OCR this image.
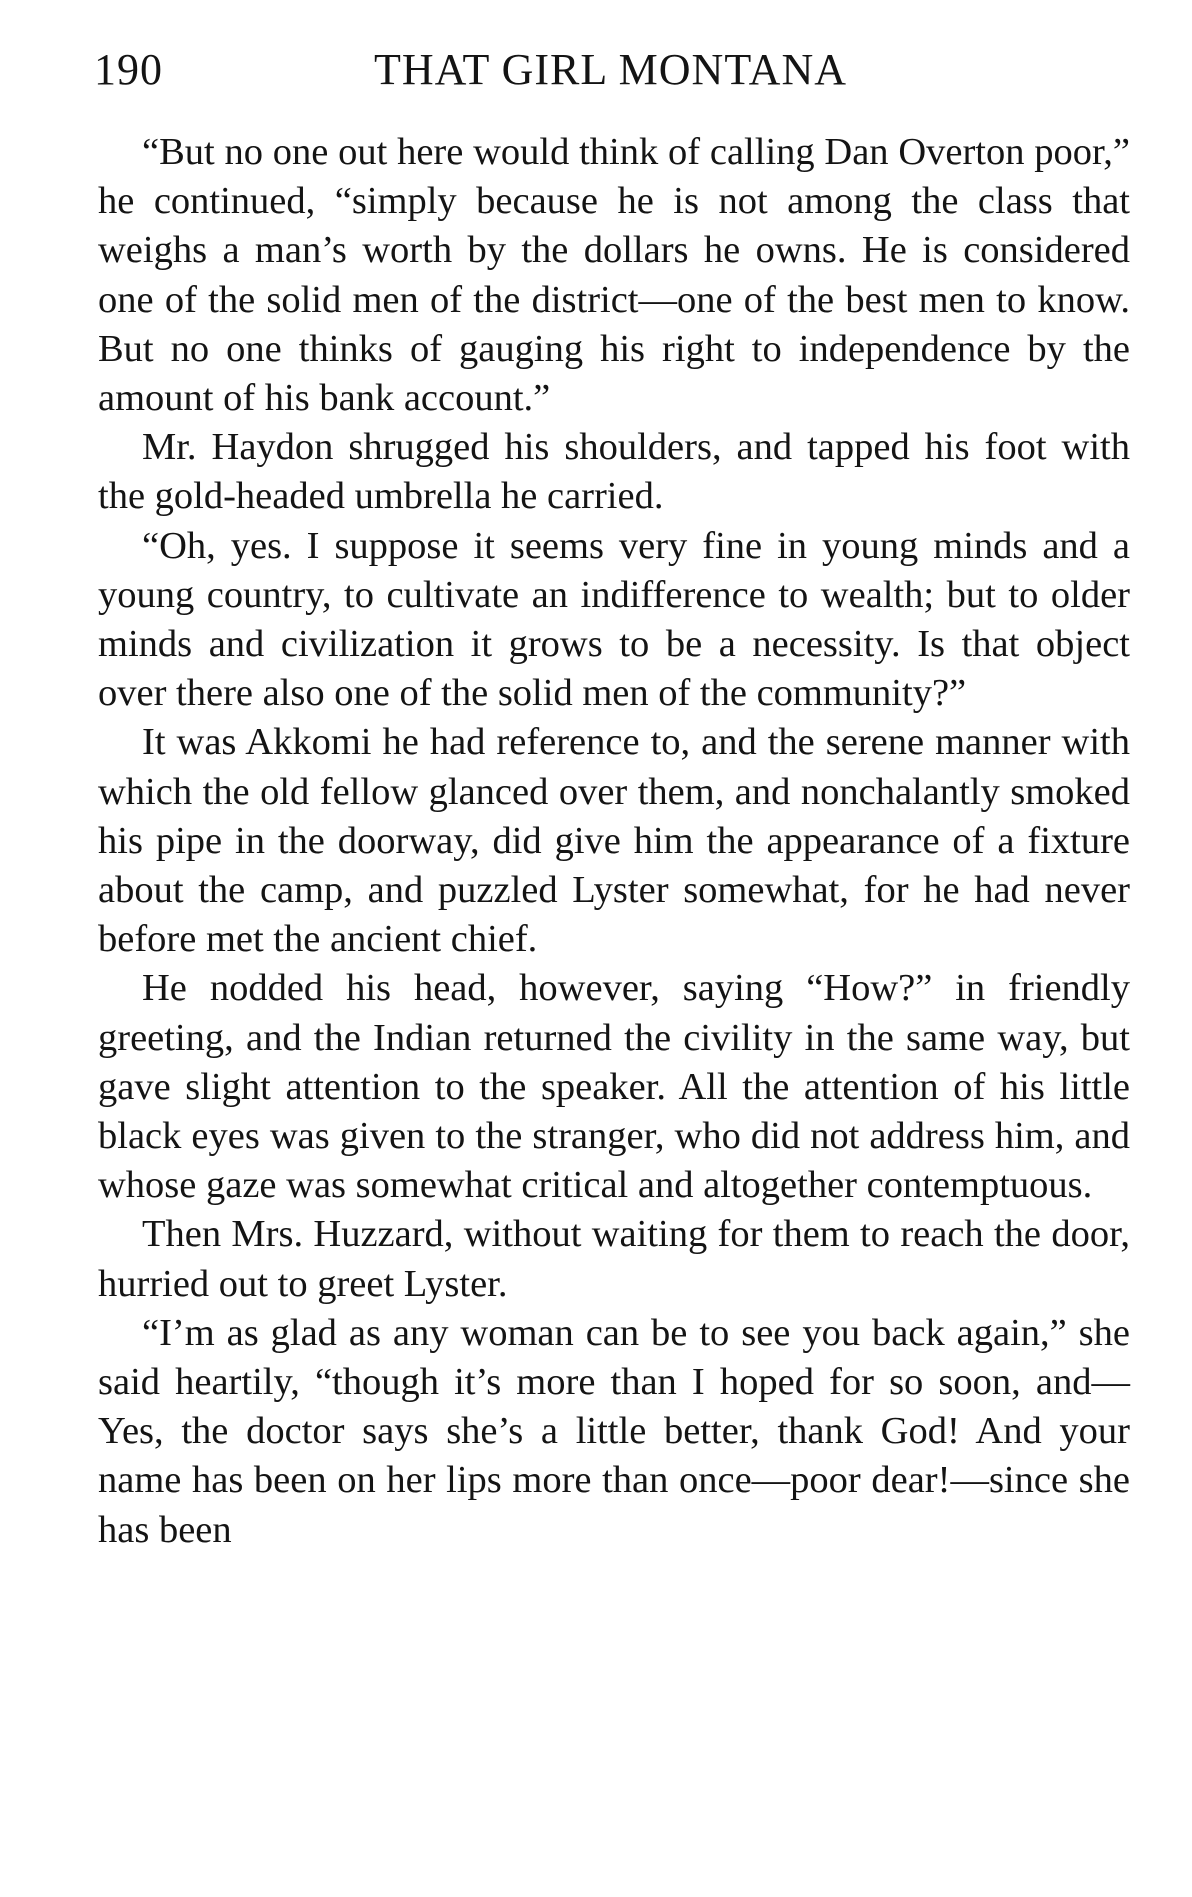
190	THAT GIRL MONTANA

“But no one out here would think of calling Dan Overton poor,” he continued, “simply because he is not among the class that weighs a man’s worth by the dollars he owns. He is considered one of the solid men of the district—one of the best men to know. But no one thinks of gauging his right to independence by the amount of his bank account.”

Mr. Haydon shrugged his shoulders, and tapped his foot with the gold-headed umbrella he carried.

“Oh, yes. I suppose it seems very fine in young minds and a young country, to cultivate an indifference to wealth; but to older minds and civilization it grows to be a necessity. Is that object over there also one of the solid men of the community?”

It was Akkomi he had reference to, and the serene manner with which the old fellow glanced over them, and nonchalantly smoked his pipe in the doorway, did give him the appearance of a fixture about the camp, and puzzled Lyster somewhat, for he had never before met the ancient chief.

He nodded his head, however, saying “How?” in friendly greeting, and the Indian returned the civility in the same way, but gave slight attention to the speaker. All the attention of his little black eyes was given to the stranger, who did not address him, and whose gaze was somewhat critical and altogether contemptuous.

Then Mrs. Huzzard, without waiting for them to reach the door, hurried out to greet Lyster.

“I’m as glad as any woman can be to see you back again,” she said heartily, “though it’s more than I hoped for so soon, and— Yes, the doctor says she’s a little better, thank God! And your name has been on her lips more than once—poor dear!—since she has been
